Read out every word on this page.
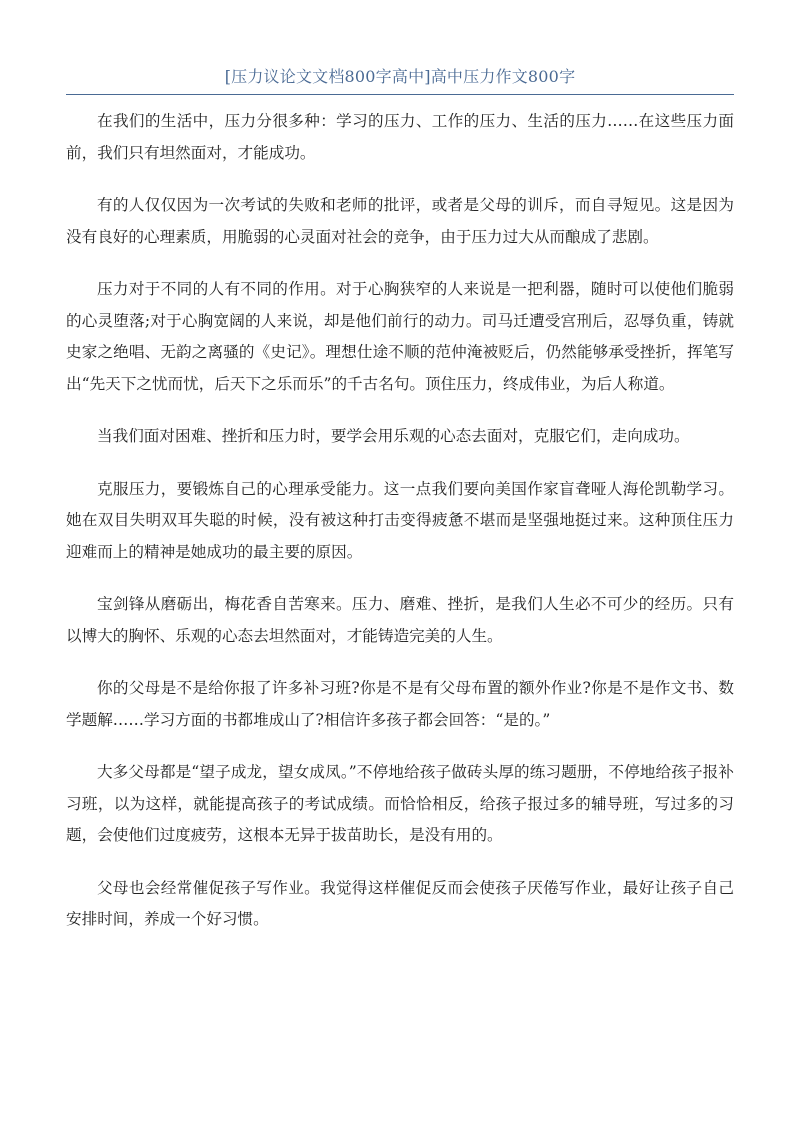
[压力议论文文档800字高中]高中压力作文800字

在我们的生活中，压力分很多种：学习的压力、工作的压力、生活的压力……在这些压力面前，我们只有坦然面对，才能成功。

有的人仅仅因为一次考试的失败和老师的批评，或者是父母的训斥，而自寻短见。这是因为没有良好的心理素质，用脆弱的心灵面对社会的竞争，由于压力过大从而酿成了悲剧。

压力对于不同的人有不同的作用。对于心胸狭窄的人来说是一把利器，随时可以使他们脆弱的心灵堕落;对于心胸宽阔的人来说，却是他们前行的动力。司马迁遭受宫刑后，忍辱负重，铸就史家之绝唱、无韵之离骚的《史记》。理想仕途不顺的范仲淹被贬后，仍然能够承受挫折，挥笔写出“先天下之忧而忧，后天下之乐而乐”的千古名句。顶住压力，终成伟业，为后人称道。

当我们面对困难、挫折和压力时，要学会用乐观的心态去面对，克服它们，走向成功。

克服压力，要锻炼自己的心理承受能力。这一点我们要向美国作家盲聋哑人海伦凯勒学习。她在双目失明双耳失聪的时候，没有被这种打击变得疲惫不堪而是坚强地挺过来。这种顶住压力迎难而上的精神是她成功的最主要的原因。

宝剑锋从磨砺出，梅花香自苦寒来。压力、磨难、挫折，是我们人生必不可少的经历。只有以博大的胸怀、乐观的心态去坦然面对，才能铸造完美的人生。

你的父母是不是给你报了许多补习班?你是不是有父母布置的额外作业?你是不是作文书、数学题解……学习方面的书都堆成山了?相信许多孩子都会回答：“是的。”

大多父母都是“望子成龙，望女成凤。”不停地给孩子做砖头厚的练习题册，不停地给孩子报补习班，以为这样，就能提高孩子的考试成绩。而恰恰相反，给孩子报过多的辅导班，写过多的习题，会使他们过度疲劳，这根本无异于拔苗助长，是没有用的。

父母也会经常催促孩子写作业。我觉得这样催促反而会使孩子厌倦写作业，最好让孩子自己安排时间，养成一个好习惯。
